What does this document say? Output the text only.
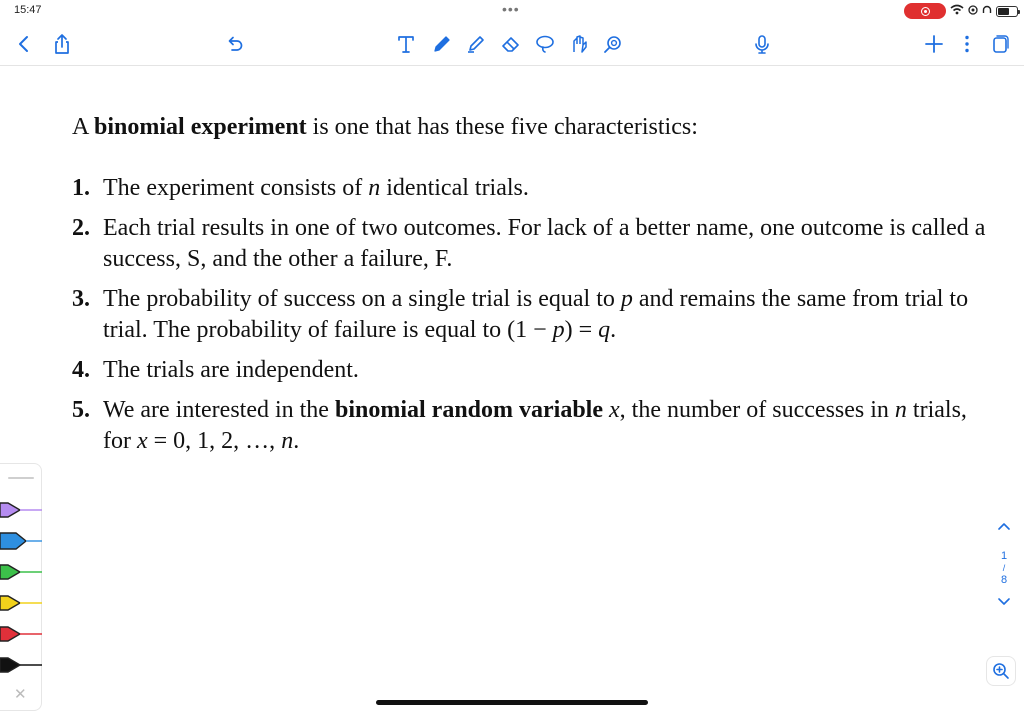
15:47	•••

A binomial experiment is one that has these five characteristics:

1. The experiment consists of n identical trials.
2. Each trial results in one of two outcomes. For lack of a better name, one outcome is called a success, S, and the other a failure, F.
3. The probability of success on a single trial is equal to p and remains the same from trial to trial. The probability of failure is equal to (1 − p) = q.
4. The trials are independent.
5. We are interested in the binomial random variable x, the number of successes in n trials, for x = 0, 1, 2, …, n.
✕
1
/
8
